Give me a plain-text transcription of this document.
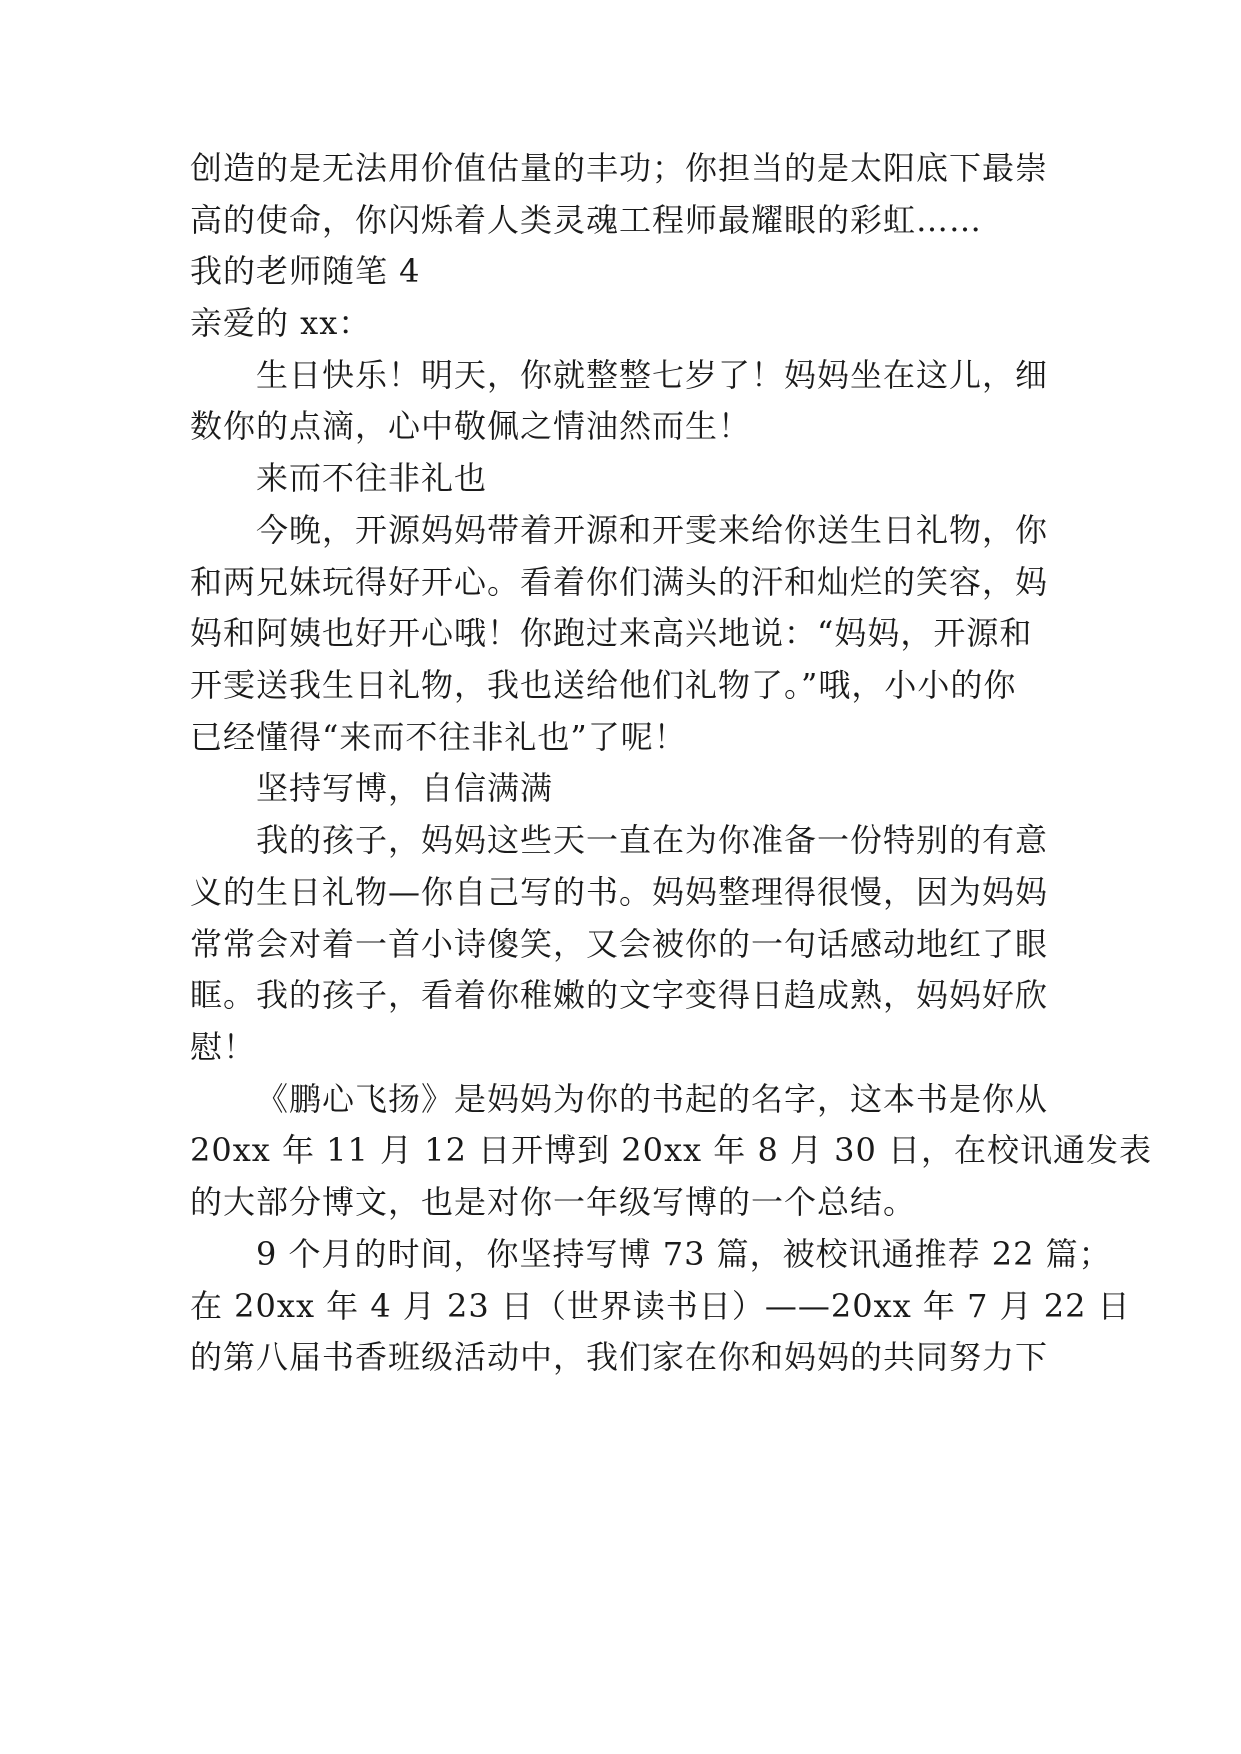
创造的是无法用价值估量的丰功；你担当的是太阳底下最崇
高的使命，你闪烁着人类灵魂工程师最耀眼的彩虹……
我的老师随笔 4
亲爱的 xx：
生日快乐！明天，你就整整七岁了！妈妈坐在这儿，细
数你的点滴，心中敬佩之情油然而生！
来而不往非礼也
今晚，开源妈妈带着开源和开雯来给你送生日礼物，你
和两兄妹玩得好开心。看着你们满头的汗和灿烂的笑容，妈
妈和阿姨也好开心哦！你跑过来高兴地说：“妈妈，开源和
开雯送我生日礼物，我也送给他们礼物了。”哦，小小的你
已经懂得“来而不往非礼也”了呢！
坚持写博，自信满满
我的孩子，妈妈这些天一直在为你准备一份特别的有意
义的生日礼物—你自己写的书。妈妈整理得很慢，因为妈妈
常常会对着一首小诗傻笑，又会被你的一句话感动地红了眼
眶。我的孩子，看着你稚嫩的文字变得日趋成熟，妈妈好欣
慰！
《鹏心飞扬》是妈妈为你的书起的名字，这本书是你从
20xx 年 11 月 12 日开博到 20xx 年 8 月 30 日，在校讯通发表
的大部分博文，也是对你一年级写博的一个总结。
9 个月的时间，你坚持写博 73 篇，被校讯通推荐 22 篇；
在 20xx 年 4 月 23 日（世界读书日）——20xx 年 7 月 22 日
的第八届书香班级活动中，我们家在你和妈妈的共同努力下
